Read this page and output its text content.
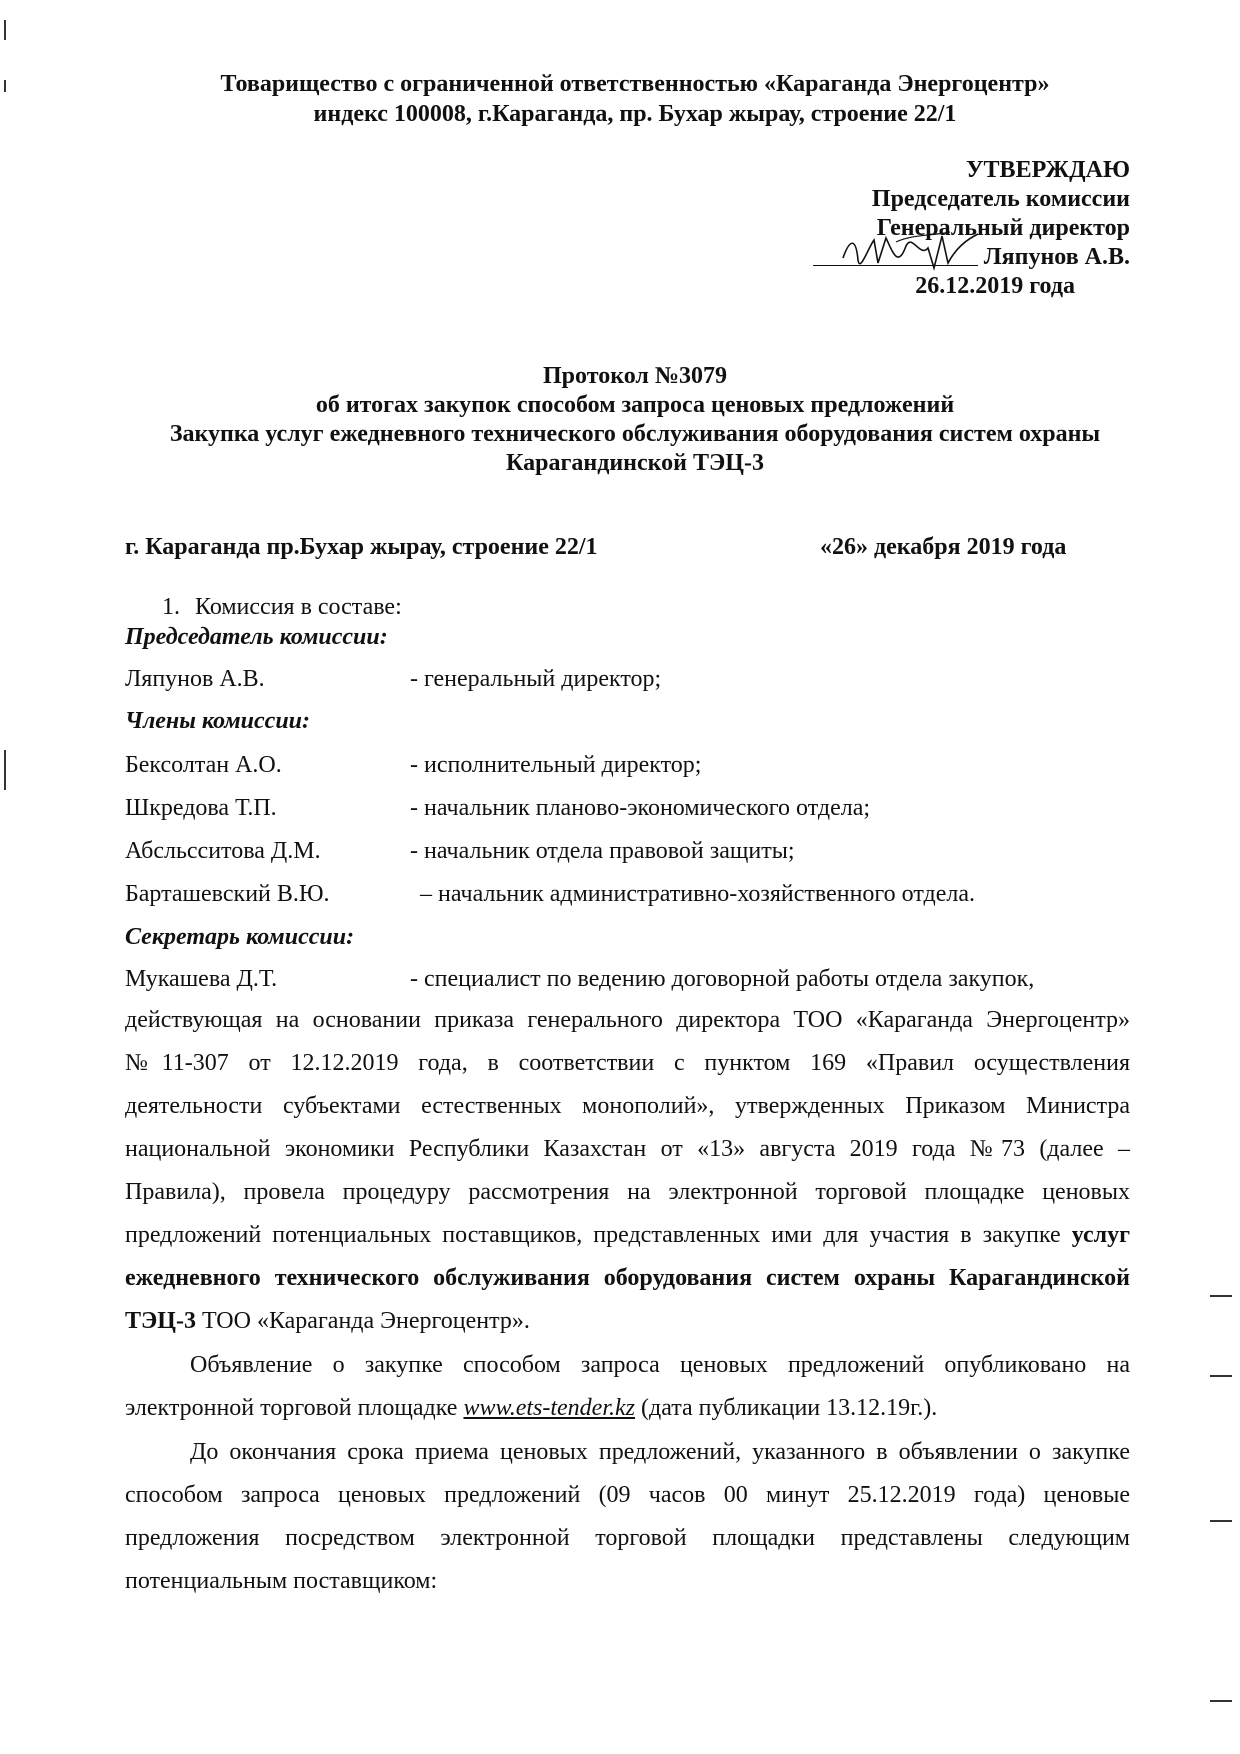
Товарищество с ограниченной ответственностью «Караганда Энергоцентр»
индекс 100008, г.Караганда, пр. Бухар жырау, строение 22/1
УТВЕРЖДАЮ
Председатель комиссии
Генеральный директор
Ляпунов А.В.
26.12.2019 года
Протокол №3079
об итогах закупок способом запроса ценовых предложений
Закупка услуг ежедневного технического обслуживания оборудования систем охраны
Карагандинской ТЭЦ-3
г. Караганда пр.Бухар жырау, строение 22/1	«26» декабря 2019 года
1. Комиссия в составе:
Председатель комиссии:
Ляпунов А.В.	- генеральный директор;
Члены комиссии:
Бексолтан А.О.	- исполнительный директор;
Шкредова Т.П.	- начальник планово-экономического отдела;
Абсльсситова Д.М.	- начальник отдела правовой защиты;
Барташевский В.Ю.	– начальник административно-хозяйственного отдела.
Секретарь комиссии:
Мукашева Д.Т.	- специалист по ведению договорной работы отдела закупок,
действующая на основании приказа генерального директора ТОО «Караганда Энергоцентр»
№11-307 от 12.12.2019 года, в соответствии с пунктом 169 «Правил осуществления
деятельности субъектами естественных монополий», утвержденных Приказом Министра
национальной экономики Республики Казахстан от «13» августа 2019 года №73 (далее –
Правила), провела процедуру рассмотрения на электронной торговой площадке ценовых
предложений потенциальных поставщиков, представленных ими для участия в закупке услуг
ежедневного технического обслуживания оборудования систем охраны Карагандинской
ТЭЦ-3 ТОО «Караганда Энергоцентр».
Объявление о закупке способом запроса ценовых предложений опубликовано на
электронной торговой площадке www.ets-tender.kz (дата публикации 13.12.19г.).
До окончания срока приема ценовых предложений, указанного в объявлении о закупке
способом запроса ценовых предложений (09 часов 00 минут 25.12.2019 года) ценовые
предложения посредством электронной торговой площадки представлены следующим
потенциальным поставщиком:
